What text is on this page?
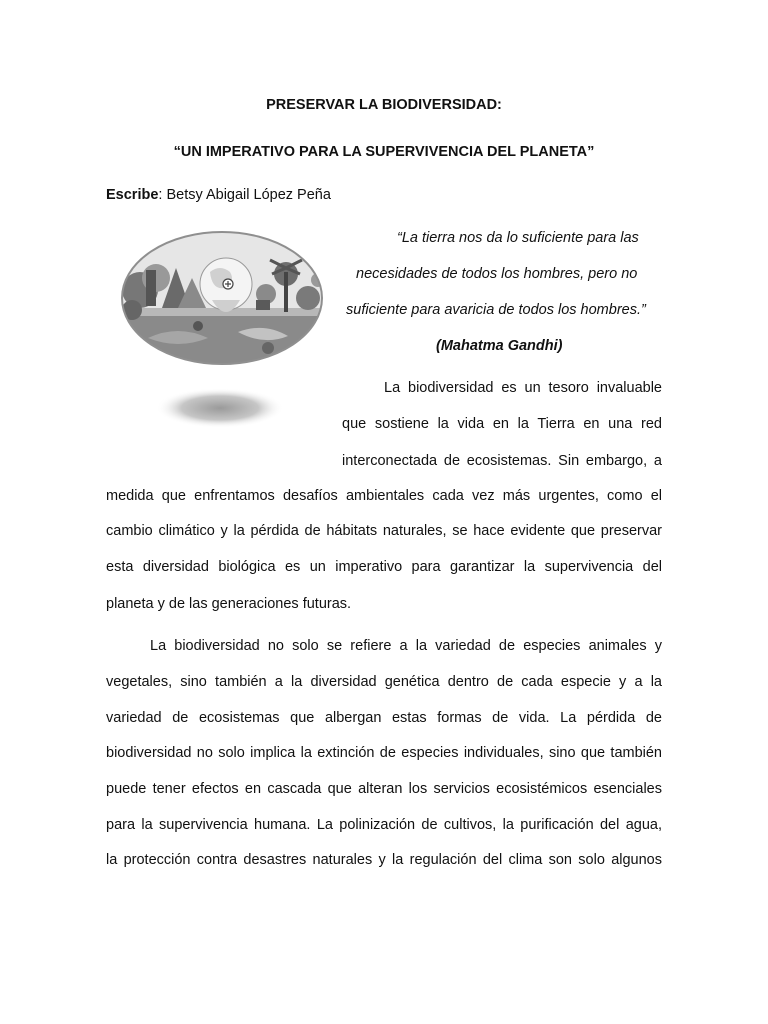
PRESERVAR LA BIODIVERSIDAD:
“UN IMPERATIVO PARA LA SUPERVIVENCIA DEL PLANETA”
Escribe: Betsy Abigail López Peña
“La tierra nos da lo suficiente para las
necesidades de todos los hombres, pero no
suficiente para avaricia de todos los hombres.”
(Mahatma Gandhi)
La biodiversidad es un tesoro invaluable
que sostiene la vida en la Tierra en una red
interconectada de ecosistemas. Sin embargo, a
medida que enfrentamos desafíos ambientales cada vez más urgentes, como el
cambio climático y la pérdida de hábitats naturales, se hace evidente que preservar
esta diversidad biológica es un imperativo para garantizar la supervivencia del
planeta y de las generaciones futuras.
La biodiversidad no solo se refiere a la variedad de especies animales y
vegetales, sino también a la diversidad genética dentro de cada especie y a la
variedad de ecosistemas que albergan estas formas de vida. La pérdida de
biodiversidad no solo implica la extinción de especies individuales, sino que también
puede tener efectos en cascada que alteran los servicios ecosistémicos esenciales
para la supervivencia humana. La polinización de cultivos, la purificación del agua,
la protección contra desastres naturales y la regulación del clima son solo algunos
